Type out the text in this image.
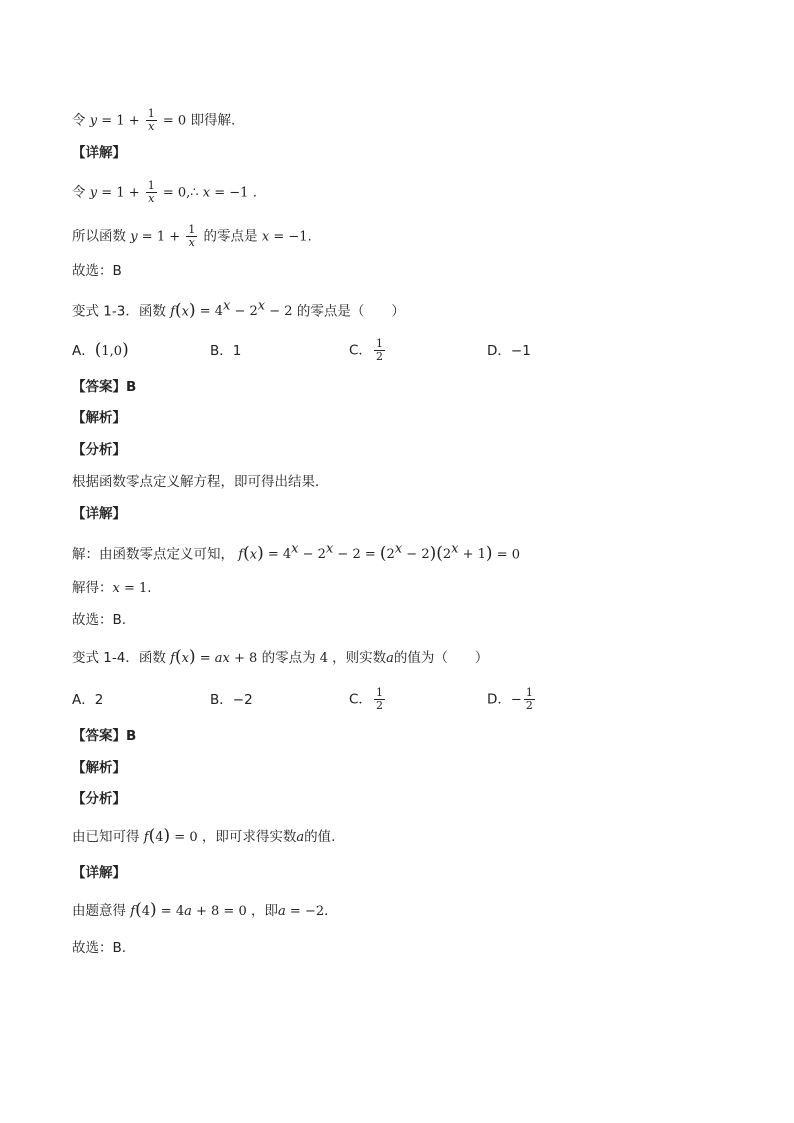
令 $y = 1 + \frac{1}{x} = 0$ 即得解.
【详解】
令 $y = 1 + \frac{1}{x}$ = 0,∴ x = −1 .
所以函数 $y = 1 + \frac{1}{x}$ 的零点是 x = −1.
故选：B
变式 1-3．函数 $f(x) = 4^x - 2^x - 2$ 的零点是（　　）
A．(1,0)	B．1	C． $\frac{1}{2}$	D．−1
【答案】B
【解析】
【分析】
根据函数零点定义解方程，即可得出结果．
【详解】
解：由函数零点定义可知， $f(x) = 4^x - 2^x - 2 = (2^x - 2)(2^x + 1) = 0$
解得：x = 1.
故选：B.
变式 1-4．函数 f(x) = ax + 8 的零点为 4 ，则实数a的值为（　　）
A．2	B．−2	C． $\frac{1}{2}$	D．− $\frac{1}{2}$
【答案】B
【解析】
【分析】
由已知可得 f(4) = 0 ，即可求得实数a的值.
【详解】
由题意得 f(4) = 4a + 8 = 0 ，即a = −2．
故选：B.
